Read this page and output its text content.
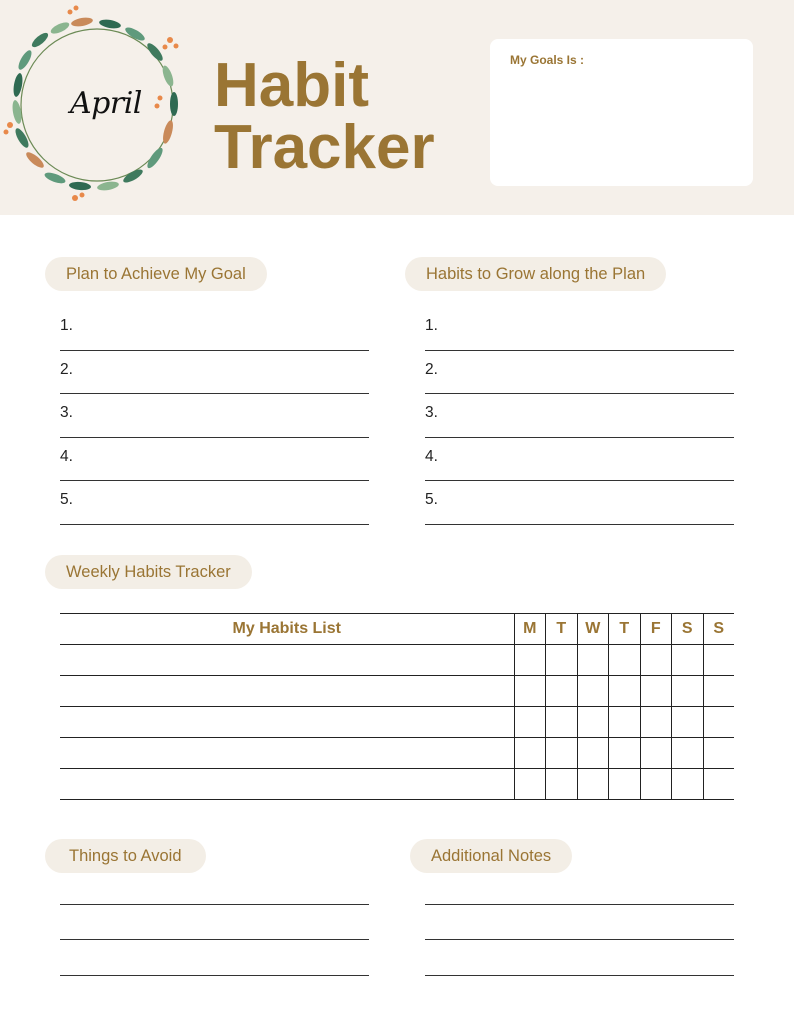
April Habit
Tracker
My Goals Is :
Plan to Achieve My Goal
1.
2.
3.
4.
5.
Habits to Grow along the Plan
1.
2.
3.
4.
5.
Weekly Habits Tracker
My Habits List	M	T	W	T	F	S	S

Things to Avoid	Additional Notes
